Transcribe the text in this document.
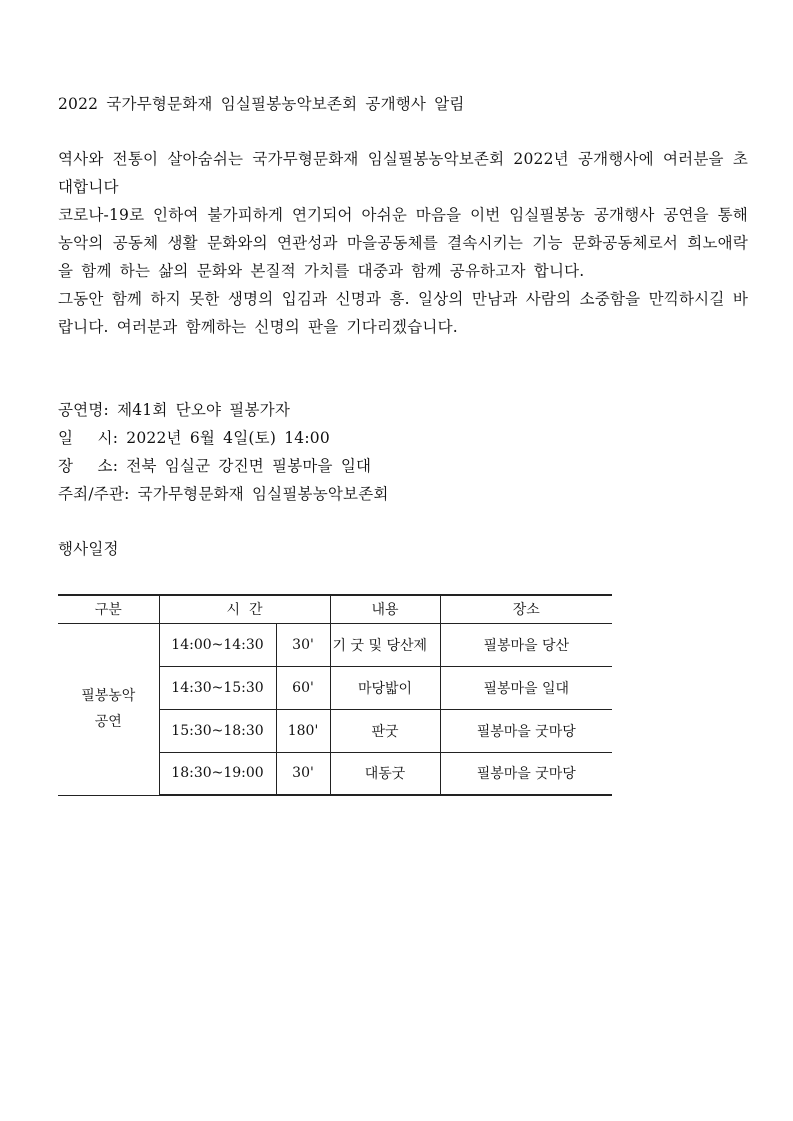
2022 국가무형문화재 임실필봉농악보존회 공개행사 알림
역사와 전통이 살아숨쉬는 국가무형문화재 임실필봉농악보존회 2022년 공개행사에 여러분을 초대합니다
코로나-19로 인하여 불가피하게 연기되어 아쉬운 마음을 이번 임실필봉농 공개행사 공연을 통해 농악의 공동체 생활 문화와의 연관성과 마을공동체를 결속시키는 기능 문화공동체로서 희노애락을 함께 하는 삶의 문화와 본질적 가치를 대중과 함께 공유하고자 합니다.
그동안 함께 하지 못한 생명의 입김과 신명과 흥. 일상의 만남과 사람의 소중함을 만끽하시길 바랍니다. 여러분과 함께하는 신명의 판을 기다리겠습니다.
공연명: 제41회 단오야 필봉가자
일   시: 2022년 6월 4일(토) 14:00
장   소: 전북 임실군 강진면 필봉마을 일대
주죄/주관: 국가무형문화재 임실필봉농악보존회
행사일정
구분	시  간		내용	장소

필봉농악
공연	14:00~14:30	30'	기 굿 및 당산제	필봉마을 당산
	14:30~15:30	60'	마당밟이	필봉마을 일대
	15:30~18:30	180'	판굿	필봉마을 굿마당
	18:30~19:00	30'	대동굿	필봉마을 굿마당
